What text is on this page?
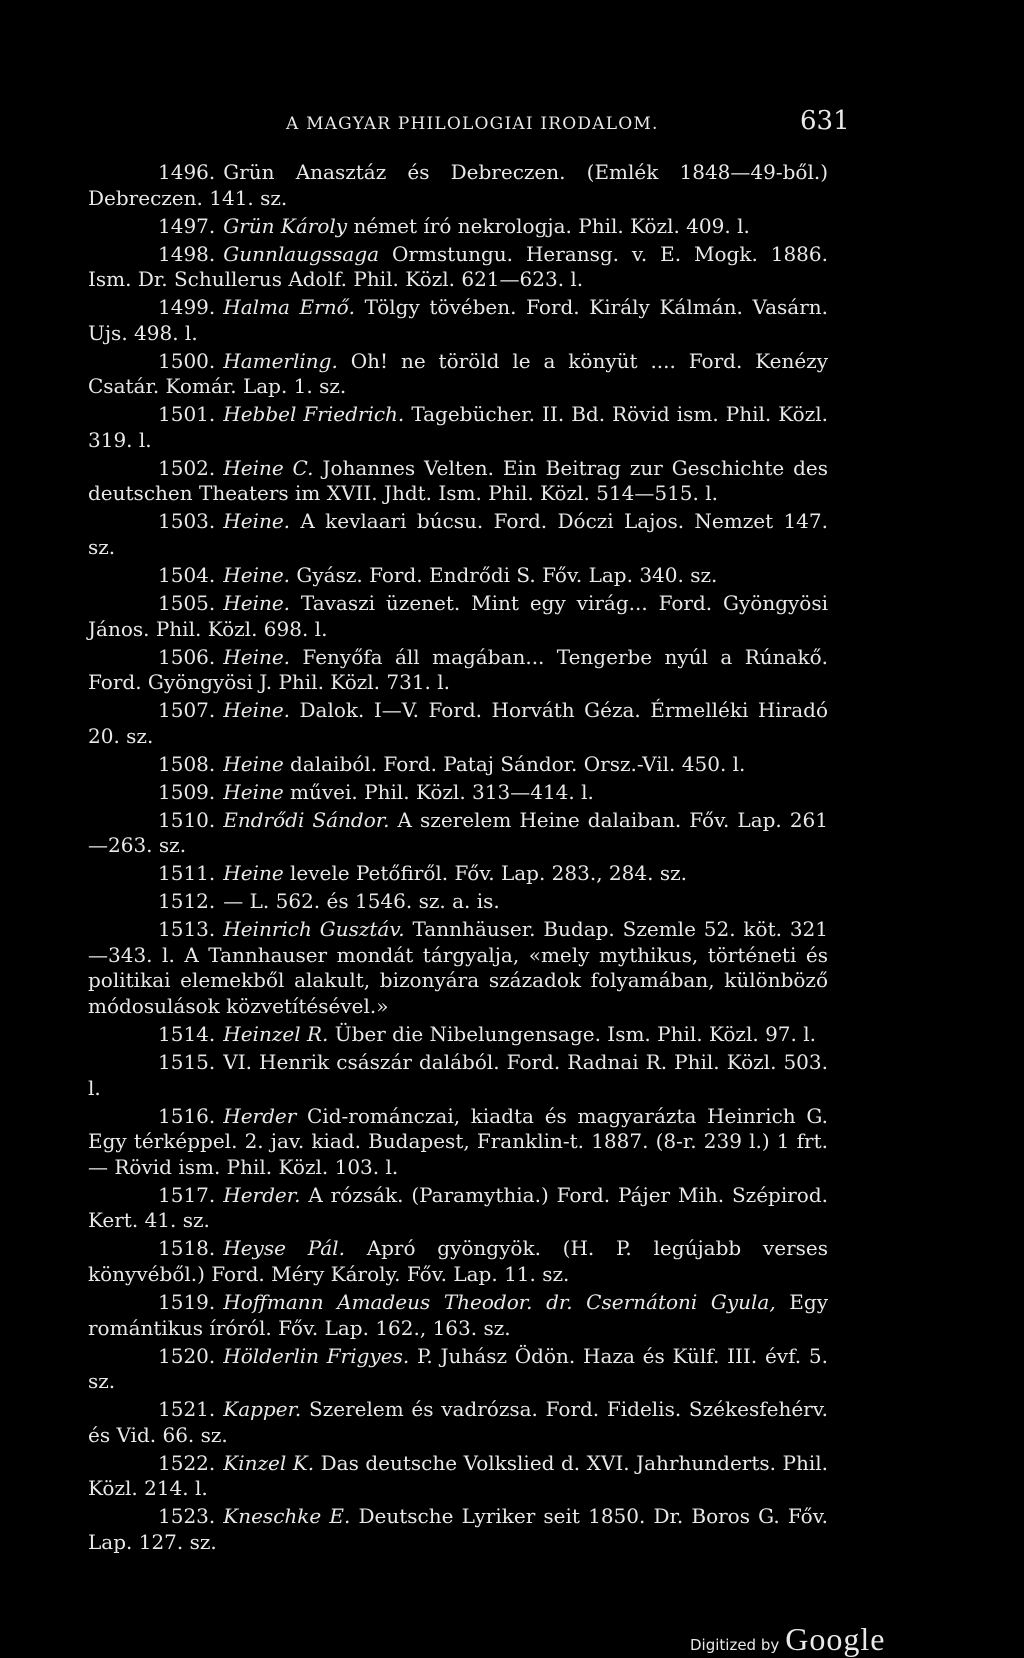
A MAGYAR PHILOLOGIAI IRODALOM.	631

1496. Grün Anasztáz és Debreczen. (Emlék 1848—49-ből.) Debreczen. 141. sz.

1497. Grün Károly német író nekrologja. Phil. Közl. 409. l.

1498. Gunnlaugssaga Ormstungu. Heransg. v. E. Mogk. 1886. Ism. Dr. Schullerus Adolf. Phil. Közl. 621—623. l.

1499. Halma Ernő. Tölgy tövében. Ford. Király Kálmán. Vasárn. Ujs. 498. l.

1500. Hamerling. Oh! ne töröld le a könyüt .... Ford. Kenézy Csatár. Komár. Lap. 1. sz.

1501. Hebbel Friedrich. Tagebücher. II. Bd. Rövid ism. Phil. Közl. 319. l.

1502. Heine C. Johannes Velten. Ein Beitrag zur Geschichte des deutschen Theaters im XVII. Jhdt. Ism. Phil. Közl. 514—515. l.

1503. Heine. A kevlaari búcsu. Ford. Dóczi Lajos. Nemzet 147. sz.

1504. Heine. Gyász. Ford. Endrődi S. Főv. Lap. 340. sz.

1505. Heine. Tavaszi üzenet. Mint egy virág... Ford. Gyöngyösi János. Phil. Közl. 698. l.

1506. Heine. Fenyőfa áll magában... Tengerbe nyúl a Rúnakő. Ford. Gyöngyösi J. Phil. Közl. 731. l.

1507. Heine. Dalok. I—V. Ford. Horváth Géza. Érmelléki Hiradó 20. sz.

1508. Heine dalaiból. Ford. Pataj Sándor. Orsz.-Vil. 450. l.

1509. Heine művei. Phil. Közl. 313—414. l.

1510. Endrődi Sándor. A szerelem Heine dalaiban. Főv. Lap. 261—263. sz.

1511. Heine levele Petőfiről. Főv. Lap. 283., 284. sz.

1512. — L. 562. és 1546. sz. a. is.

1513. Heinrich Gusztáv. Tannhäuser. Budap. Szemle 52. köt. 321—343. l. A Tannhauser mondát tárgyalja, «mely mythikus, történeti és politikai elemekből alakult, bizonyára századok folyamában, különböző módosulások közvetítésével.»

1514. Heinzel R. Über die Nibelungensage. Ism. Phil. Közl. 97. l.

1515. VI. Henrik császár dalából. Ford. Radnai R. Phil. Közl. 503. l.

1516. Herder Cid-románczai, kiadta és magyarázta Heinrich G. Egy térképpel. 2. jav. kiad. Budapest, Franklin-t. 1887. (8-r. 239 l.) 1 frt. — Rövid ism. Phil. Közl. 103. l.

1517. Herder. A rózsák. (Paramythia.) Ford. Pájer Mih. Szépirod. Kert. 41. sz.

1518. Heyse Pál. Apró gyöngyök. (H. P. legújabb verses könyvéből.) Ford. Méry Károly. Főv. Lap. 11. sz.

1519. Hoffmann Amadeus Theodor. dr. Csernátoni Gyula, Egy romántikus íróról. Főv. Lap. 162., 163. sz.

1520. Hölderlin Frigyes. P. Juhász Ödön. Haza és Külf. III. évf. 5. sz.

1521. Kapper. Szerelem és vadrózsa. Ford. Fidelis. Székesfehérv. és Vid. 66. sz.

1522. Kinzel K. Das deutsche Volkslied d. XVI. Jahrhunderts. Phil. Közl. 214. l.

1523. Kneschke E. Deutsche Lyriker seit 1850. Dr. Boros G. Főv. Lap. 127. sz.

Digitized by Google
